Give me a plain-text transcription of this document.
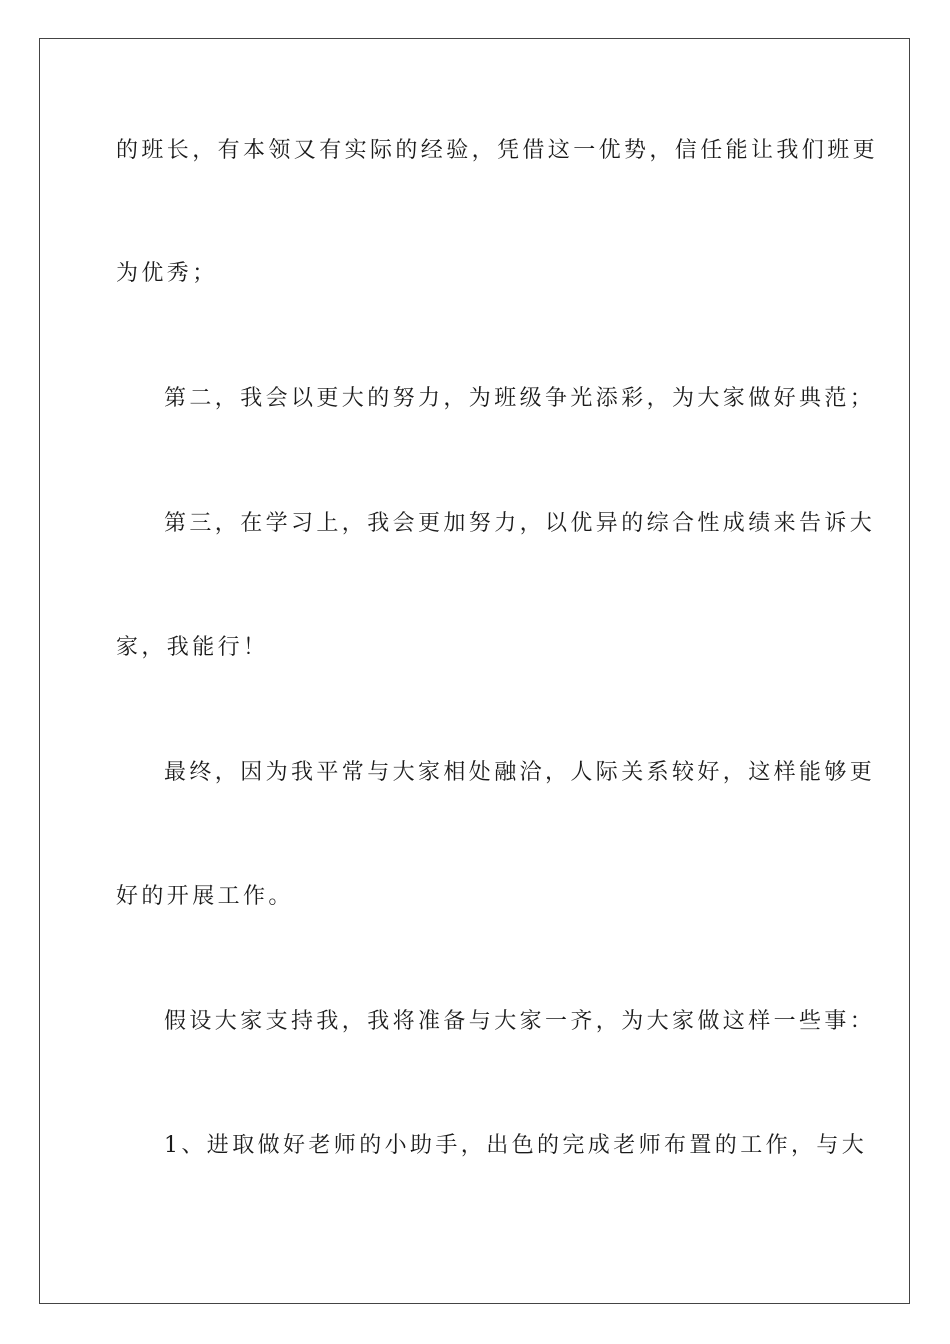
的班长，有本领又有实际的经验，凭借这一优势，信任能让我们班更
为优秀；
第二，我会以更大的努力，为班级争光添彩，为大家做好典范；
第三，在学习上，我会更加努力，以优异的综合性成绩来告诉大
家，我能行！
最终，因为我平常与大家相处融洽，人际关系较好，这样能够更
好的开展工作。
假设大家支持我，我将准备与大家一齐，为大家做这样一些事：
1、进取做好老师的小助手，出色的完成老师布置的工作，与大
